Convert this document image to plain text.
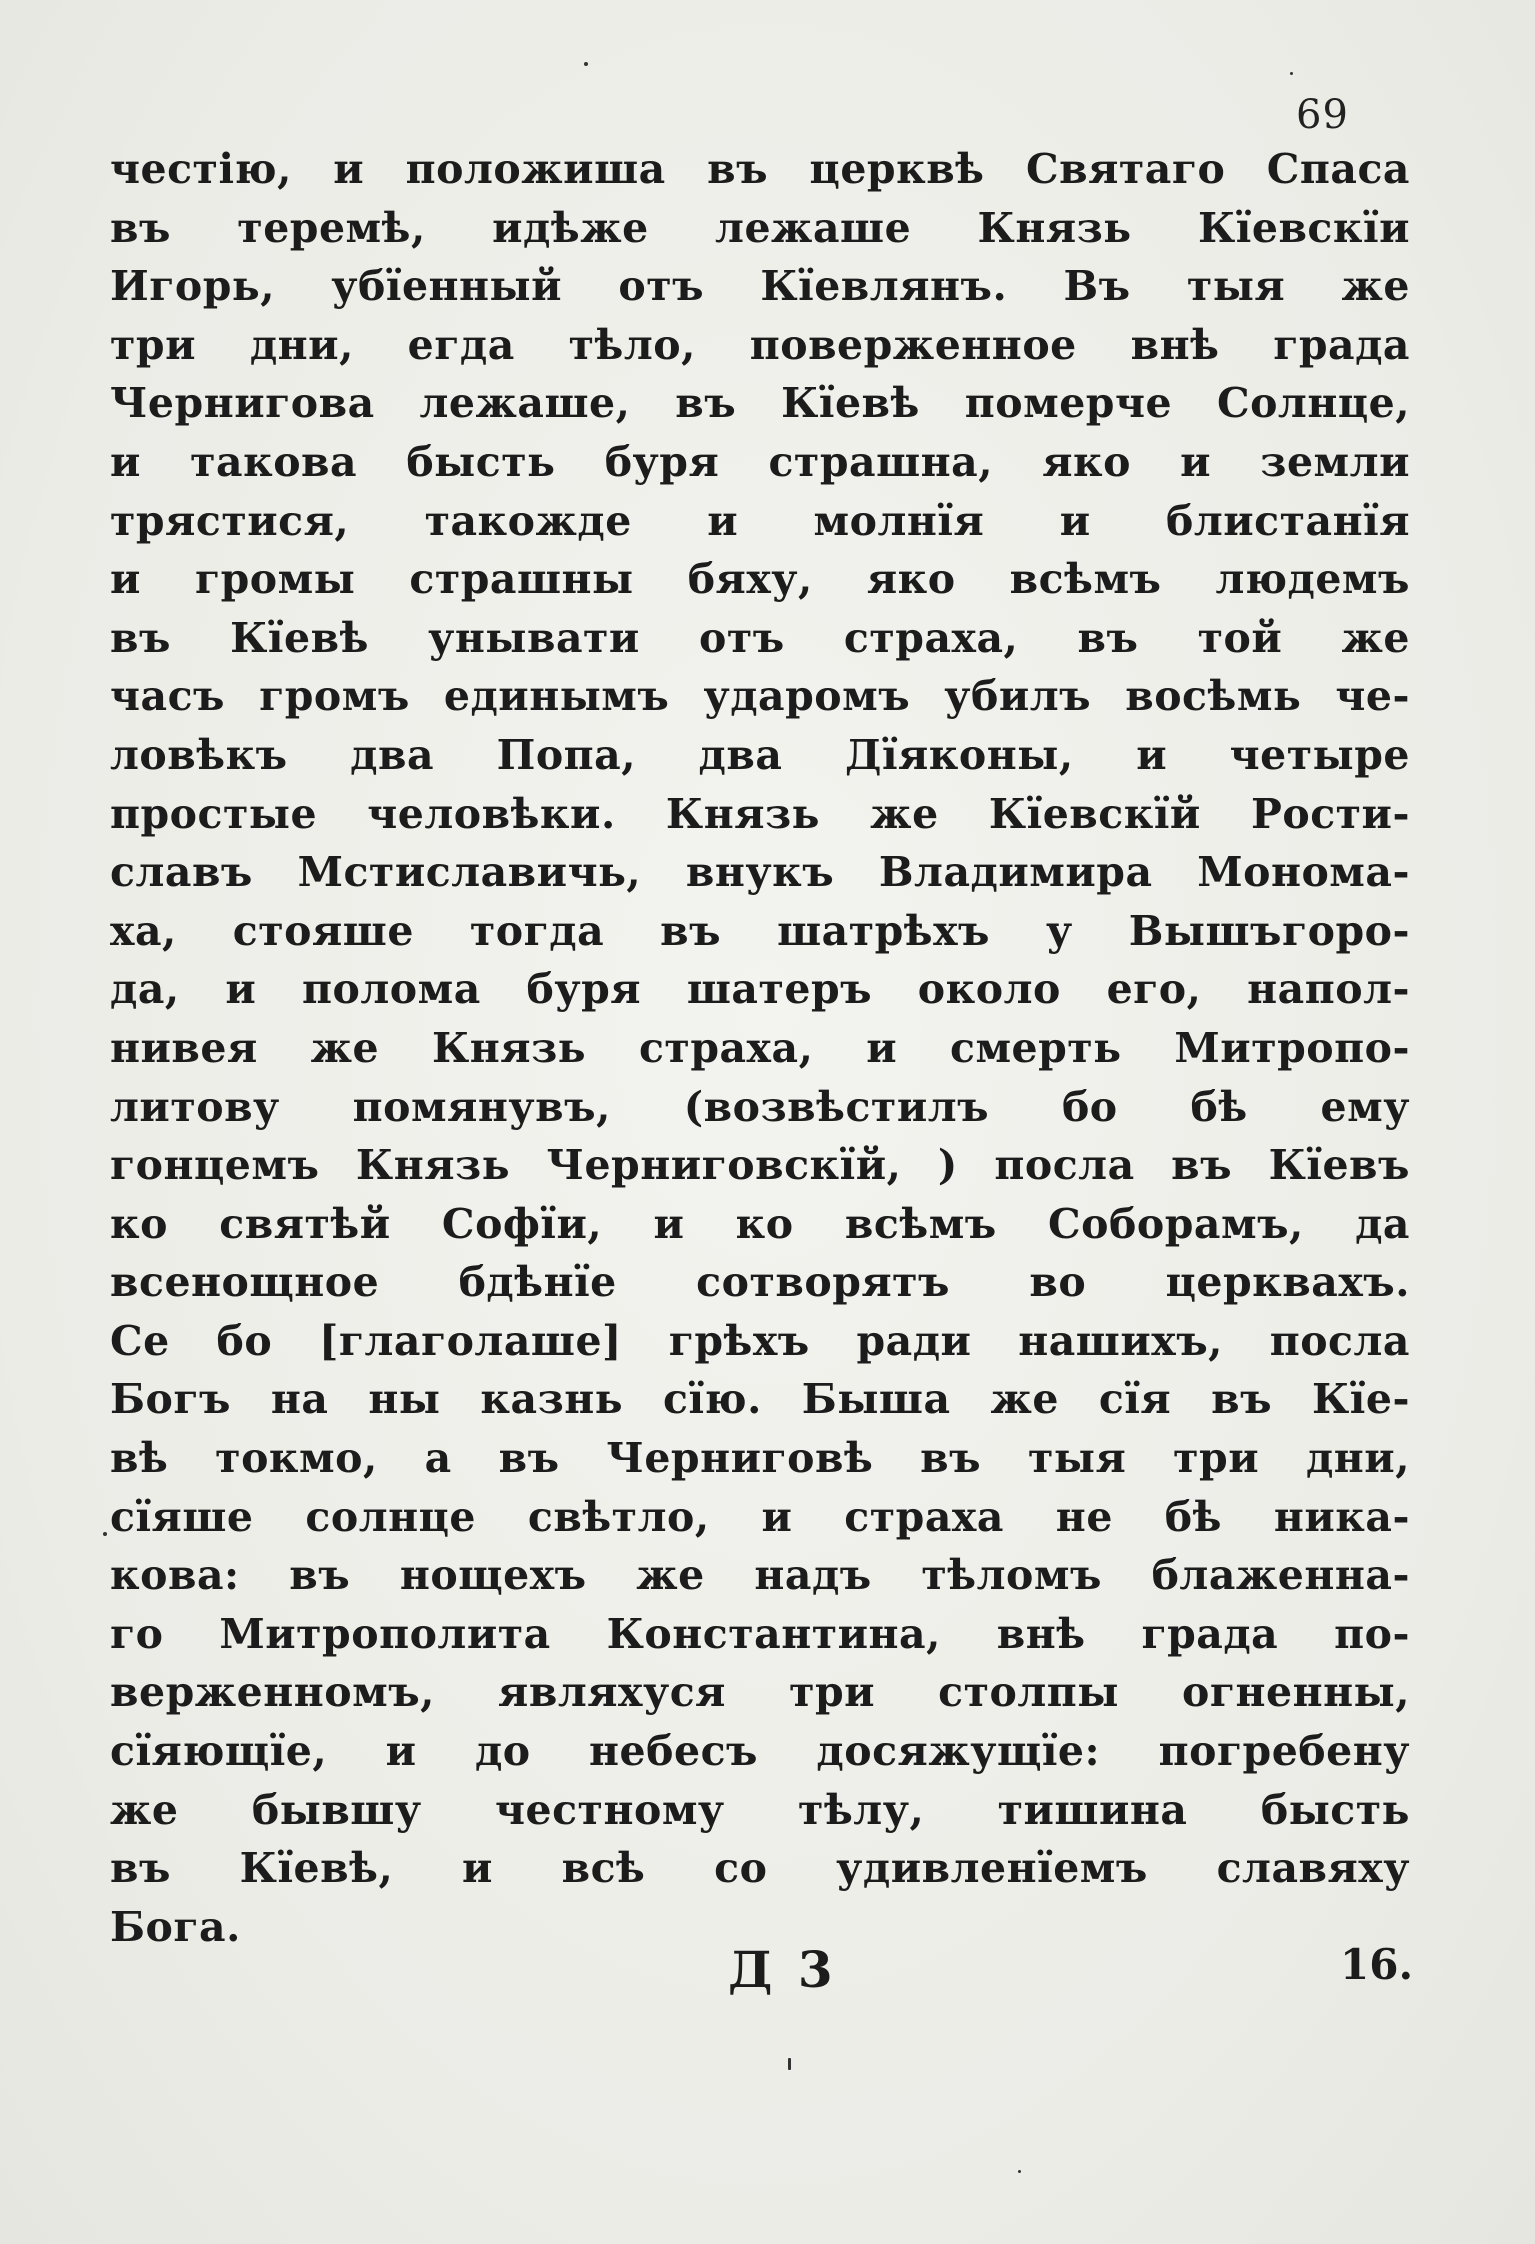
69
честію, и положиша въ церквѣ Святаго Спаса
въ теремѣ, идѣже лежаше Князь Кїевскїи
Игорь, убїенный отъ Кїевлянъ. Въ тыя же
три дни, егда тѣло, поверженное внѣ града
Чернигова лежаше, въ Кїевѣ померче Солнце,
и такова бысть буря страшна, яко и земли
трястися, такожде и молнїя и блистанїя
и громы страшны бяху, яко всѣмъ людемъ
въ Кїевѣ унывати отъ страха, въ той же
часъ громъ единымъ ударомъ убилъ восѣмь че-
ловѣкъ два Попа, два Дїяконы, и четыре
простые человѣки. Князь же Кїевскїй Рости-
славъ Мстиславичь, внукъ Владимира Монома-
ха, стояше тогда въ шатрѣхъ у Вышъгоро-
да, и полома буря шатеръ около его, напол-
нивея же Князь страха, и смерть Митропо-
литову помянувъ, (возвѣстилъ бо бѣ ему
гонцемъ Князь Черниговскїй, ) посла въ Кїевъ
ко святѣй Софїи, и ко всѣмъ Соборамъ, да
всенощное бдѣнїе сотворятъ во церквахъ.
Се бо [глаголаше] грѣхъ ради нашихъ, посла
Богъ на ны казнь сїю. Быша же сїя въ Кїе-
вѣ токмо, а въ Черниговѣ въ тыя три дни,
сїяше солнце свѣтло, и страха не бѣ ника-
кова: въ нощехъ же надъ тѣломъ блаженна-
го Митрополита Константина, внѣ града по-
верженномъ, являхуся три столпы огненны,
сїяющїе, и до небесъ досяжущїе: погребену
же бывшу честному тѣлу, тишина бысть
въ Кїевѣ, и всѣ со удивленїемъ славяху
Бога.
Д 3	16.
